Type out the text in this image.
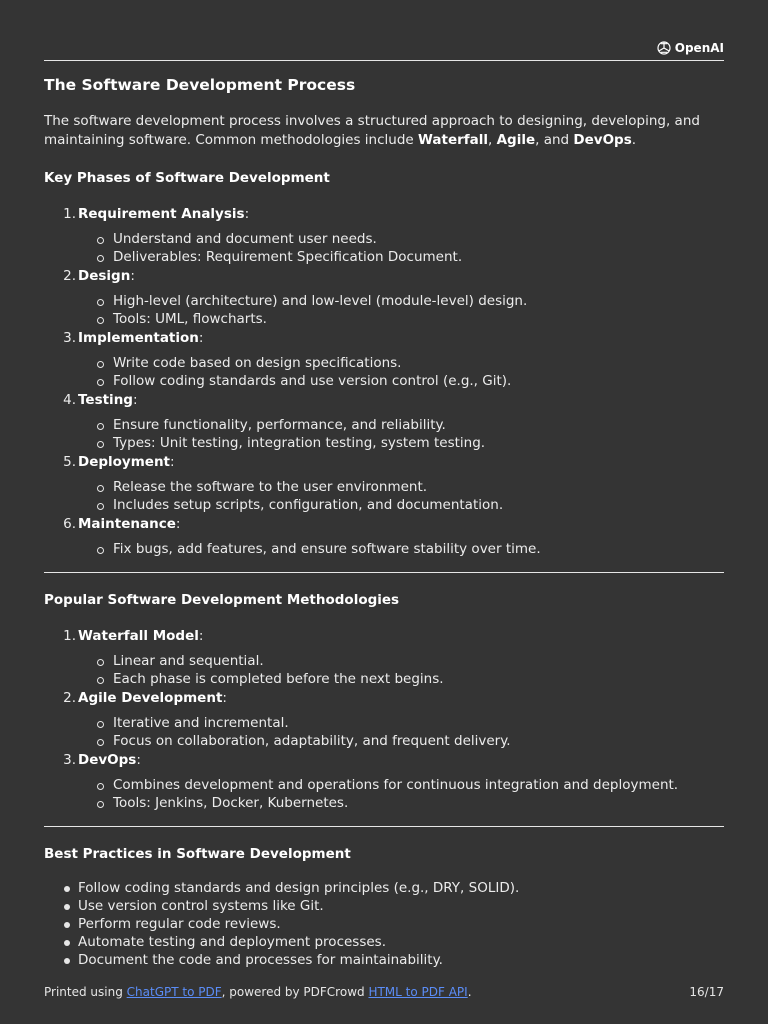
OpenAI
The Software Development Process

The software development process involves a structured approach to designing, developing, and maintaining software. Common methodologies include Waterfall, Agile, and DevOps.

Key Phases of Software Development
1. Requirement Analysis:
Understand and document user needs.
Deliverables: Requirement Specification Document.
2. Design:
High-level (architecture) and low-level (module-level) design.
Tools: UML, flowcharts.
3. Implementation:
Write code based on design specifications.
Follow coding standards and use version control (e.g., Git).
4. Testing:
Ensure functionality, performance, and reliability.
Types: Unit testing, integration testing, system testing.
5. Deployment:
Release the software to the user environment.
Includes setup scripts, configuration, and documentation.
6. Maintenance:
Fix bugs, add features, and ensure software stability over time.
Popular Software Development Methodologies
1. Waterfall Model:
Linear and sequential.
Each phase is completed before the next begins.
2. Agile Development:
Iterative and incremental.
Focus on collaboration, adaptability, and frequent delivery.
3. DevOps:
Combines development and operations for continuous integration and deployment.
Tools: Jenkins, Docker, Kubernetes.
Best Practices in Software Development
Follow coding standards and design principles (e.g., DRY, SOLID).
Use version control systems like Git.
Perform regular code reviews.
Automate testing and deployment processes.
Document the code and processes for maintainability.
Printed using ChatGPT to PDF, powered by PDFCrowd HTML to PDF API.	16/17
